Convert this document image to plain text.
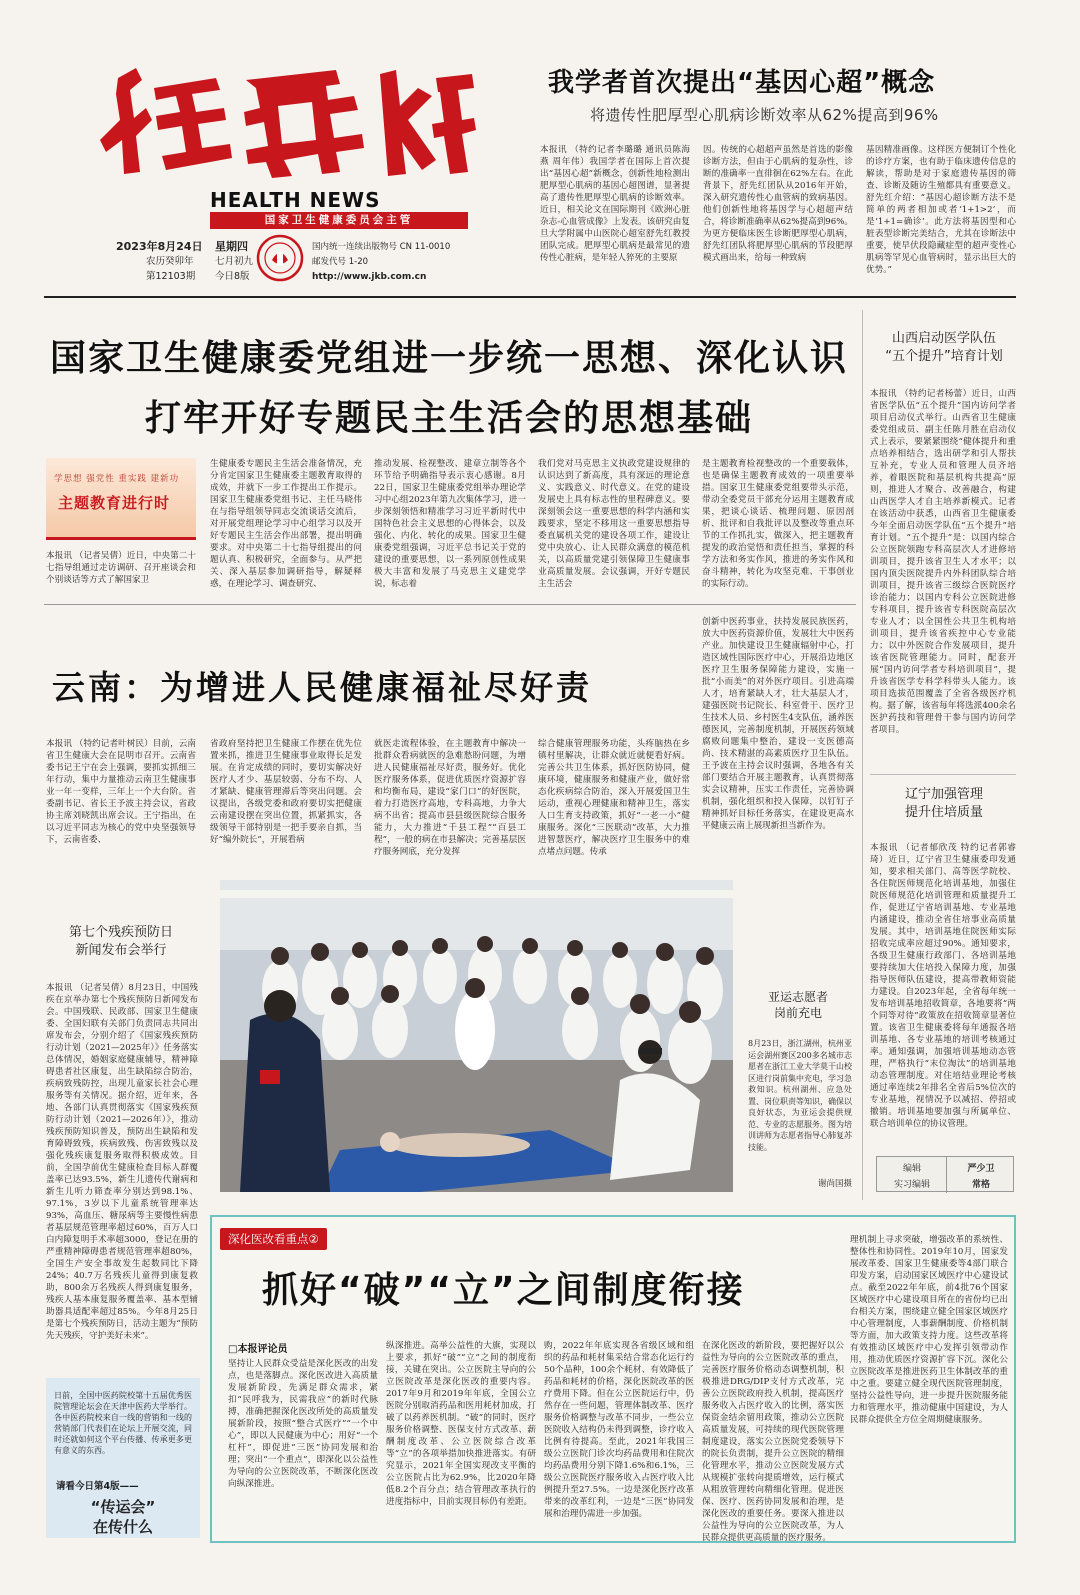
HEALTH NEWS
国家卫生健康委员会主管
2023年8月24日 星期四
农历癸卯年 七月初九
第12103期 今日8版
国内统一连续出版物号 CN 11-0010
邮发代号 1-20
http://www.jkb.com.cn
我学者首次提出“基因心超”概念
将遗传性肥厚型心肌病诊断效率从62%提高到96%
本报讯 （特约记者李璐璐 通讯员陈海燕 周年伟）我国学者在国际上首次提出“基因心超”新概念，创新性地检测出肥厚型心肌病的基因心超图谱，显著提高了遗传性肥厚型心肌病的诊断效率。近日，相关论文在国际期刊《欧洲心脏杂志-心血管成像》上发表。该研究由复旦大学附属中山医院心超室舒先红教授团队完成。肥厚型心肌病是最常见的遗传性心脏病，是年轻人猝死的主要原
因。传统的心超超声虽然是首选的影像诊断方法，但由于心肌病的复杂性，诊断的准确率一直徘徊在62%左右。在此背景下，舒先红团队从2016年开始，深入研究遗传性心血管病的致病基因。他们创新性地将基因学与心超超声结合，将诊断准确率从62%提高到96%。为更方便临床医生诊断肥厚型心肌病，舒先红团队将肥厚型心肌病的节段肥厚模式画出来，给每一种致病
基因精准画像。这样医方便制订个性化的诊疗方案，也有助于临床遗传信息的解读，帮助是对于家庭遗传基因的筛查、诊断及随访生殖都具有重要意义。舒先红介绍：“基因心超诊断方法不是简单的两者相加或者‘1+1>2’，而是‘1+1=确诊’。此方法将基因型和心脏表型诊断完美结合，尤其在诊断法中重要，使早伏段隐藏症型的超声变性心肌病等罕见心血管病时，显示出巨大的优势。”
国家卫生健康委党组进一步统一思想、深化认识
打牢开好专题民主生活会的思想基础
学思想 强党性 重实践 建新功
主题教育进行时
本报讯 （记者吴倩）近日，中央第二十七指导组通过走访调研、召开座谈会和个别谈话等方式了解国家卫
生健康委专题民主生活会准备情况，充分肯定国家卫生健康委主题教育取得的成效，并就下一步工作提出工作提示。国家卫生健康委党组书记、主任马晓伟在与指导组领导同志交流谈话交流后，对开展党组理论学习中心组学习以及开好专题民主生活会作出部署，提出明确要求。对中央第二十七指导组提出的问题认真、积极研究，全面参与。从严把关、深入基层参加调研指导，解疑释惑，在理论学习、调查研究、
推动发展、检视整改、建章立制等各个环节给予明确指导表示衷心感谢。8月22日，国家卫生健康委党组举办理论学习中心组2023年第九次集体学习，进一步深刻领悟和精准学习习近平新时代中国特色社会主义思想的心得体会，以及强化、内化、转化的成果。国家卫生健康委党组强调，习近平总书记关于党的建设的重要思想，以一系列原创性成果极大丰富和发展了马克思主义建党学说，标志着
我们党对马克思主义执政党建设规律的认识达到了新高度，具有深远的理论意义、实践意义、时代意义。在党的建设发展史上具有标志性的里程碑意义。要深刻领会这一重要思想的科学内涵和实践要求，坚定不移用这一重要思想指导委直属机关党的建设各项工作，建设让党中央放心、让人民群众满意的模范机关，以高质量党建引领保障卫生健康事业高质量发展。会议强调，开好专题民主生活会
是主题教育检视整改的一个重要载体，也是确保主题教育成效的一项重要举措。国家卫生健康委党组要带头示范，带动全委党员干部充分运用主题教育成果，把谈心谈话、梳理问题、原因剖析、批评和自我批评以及整改等重点环节的工作抓扎实，做深入，把主题教育提发的政治觉悟和责任担当，掌握的科学方法和务实作风，推进的务实作风和奋斗精神，转化为攻坚克难、干事创业的实际行动。
山西启动医学队伍
“五个提升”培育计划
本报讯 （特约记者杨蕾）近日，山西省医学队伍“五个提升”国内访问学者项目启动仪式举行。山西省卫生健康委党组成员、副主任陈月胜在启动仪式上表示，要紧紧围绕“健体提升和重点培养相结合，选出研学和引人帮扶互补充，专业人员和管理人员齐培养，着眼医院和基层机构共提高”原则，推进人才聚合、改善融合，构建山西医学人才自主培养新模式。记者在该活动中获悉，山西省卫生健康委今年全面启动医学队伍“五个提升”培育计划。“五个提升”是：以国内综合公立医院领跑专科高层次人才进修培训项目，提升该省卫生人才水平；以国内顶尖医院提升内外科团队综合培训项目，提升该省三级综合医院医疗诊治能力；以国内专科公立医院进修专科项目，提升该省专科医院高层次专业人才；以全国性公共卫生机构培训项目，提升该省疾控中心专业能力；以中外医院合作发展项目，提升该省医院管理能力。同时，配套开展“国内访问学者专科培训项目”，提升该省医学专科学科带头人能力。该项目选拔范围覆盖了全省各级医疗机构。据了解，该省每年将选派400余名医护药技和管理骨干参与国内访问学者项目。
辽宁加强管理
提升住培质量
本报讯 （记者郁欣茂 特约记者郭睿琦）近日，辽宁省卫生健康委印发通知，要求相关部门、高等医学院校、各住院医师规范化培训基地，加强住院医师规范化培训管理和质量提升工作，促进辽宁省培训基地、专业基地内涵建设，推动全省住培事业高质量发展。其中，培训基地住院医师实际招收完成率应超过90%。通知要求，各级卫生健康行政部门、各培训基地要持续加大住培投入保障力度，加强指导医师队伍建设，提高带教师资能力建设。自2023年起，全省每年统一发布培训基地招收简章，各地要将“两个同等对待”政策放在招收简章显著位置。该省卫生健康委将每年通报各培训基地、各专业基地的培训考核通过率。通知强调，加强培训基地动态管理，严格执行“末位淘汰”的培训基地动态管理制度。对住培结业理论考核通过率连续2年排名全省后5%位次的专业基地，视情况予以减招、停招或撤销。培训基地要加强与所属单位、联合培训单位的协议管理。
编辑
实习编辑
严少卫
常格
云南：为增进人民健康福祉尽好责
创新中医药事业，扶持发展民族医药，放大中医药资源价值，发展壮大中医药产业。加快建设卫生健康辐射中心，打造区域性国际医疗中心，开展沿边地区医疗卫生服务保障能力建设，实施一批“小而美”的对外医疗项目。引进高端人才，培育紧缺人才，壮大基层人才，建强医院书记院长、科室骨干、医疗卫生技术人员、乡村医生4支队伍，涵养医德医风，完善制度机制，开展医药领域腐败问题集中整治，建设一支医德高尚、技术精湛的高素质医疗卫生队伍。王予波在主持会议时强调，各地各有关部门要结合开展主题教育，认真贯彻落实会议精神，压实工作责任，完善协调机制，强化组织和投入保障，以钉钉子精神抓好目标任务落实，在建设更高水平健康云南上展现新担当新作为。
本报讯 （特约记者叶树民）目前，云南省卫生健康大会在昆明市召开。云南省委书记王宁在会上强调，要抓实抓细三年行动，集中力量推动云南卫生健康事业一年一变样，三年上一个大台阶。省委副书记、省长王予波主持会议，省政协主席刘晓凯出席会议。王宁指出，在以习近平同志为核心的党中央坚强领导下，云南省委、
省政府坚持把卫生健康工作摆在优先位置来抓，推进卫生健康事业取得长足发展。在肯定成绩的同时，要切实解决好医疗人才少、基层较弱、分布不均、人才紧缺、健康管理滞后等突出问题。会议提出，各级党委和政府要切实把健康云南建设摆在突出位置，抓紧抓实，各级领导干部特别是一把手要亲自抓，当好“编外院长”，开展看病
就医走流程体验，在主题教育中解决一批群众看病就医的急难愁盼问题，为增进人民健康福祉尽好责，服务好。优化医疗服务体系，促进优质医疗资源扩容和均衡布局，建设“家门口”的好医院，着力打造医疗高地，专科高地，力争大病不出省；提高市县县级医院综合服务能力，大力推进“千县工程”“百县工程”，一般的病在市县解决；完善基层医疗服务网底，充分发挥
综合健康管理服务功能，头疼脑热在乡镇村里解决，让群众就近就便看好病。完善公共卫生体系，抓好医防协同，健康环境，健康服务和健康产业，做好常态化疾病综合防治，深入开展爱国卫生运动，重视心理健康和精神卫生，落实人口生育支持政策，抓好“一老一小”健康服务。深化“三医联动”改革，大力推进智慧医疗，解决医疗卫生服务中的难点堵点问题。传承
第七个残疾预防日
新闻发布会举行
本报讯 （记者吴倩）8月23日，中国残疾在京举办第七个残疾预防日新闻发布会。中国残联、民政部、国家卫生健康委、全国妇联有关部门负责同志共同出席发布会，分别介绍了《国家残疾预防行动计划（2021—2025年）》任务落实总体情况，婚姻家庭健康辅导，精神障碍患者社区康复，出生缺陷综合防治，疾病致残防控，出现儿童家长社会心理服务等有关情况。据介绍，近年来，各地、各部门认真贯彻落实《国家残疾预防行动计划（2021—2026年）》，推动残疾预防知识普及，预防出生缺陷和发育障碍致残，疾病致残、伤害致残以及强化残疾康复服务取得积极成效。目前，全国孕前优生健康检查目标人群覆盖率已达93.5%，新生儿遗传代谢病和新生儿听力筛查率分别达到98.1%、97.1%，3岁以下儿童系统管理率达93%，高血压、糖尿病等主要慢性病患者基层规范管理率超过60%，百万人口白内障复明手术率超3000，登记在册的严重精神障碍患者规范管理率超80%，全国生产安全事故发生起数同比下降24%；40.7万名残疾儿童得到康复救助，800余万名残疾人得到康复服务，残疾人基本康复服务覆盖率、基本型辅助器具适配率超过85%。今年8月25日是第七个残疾预防日，活动主题为“预防先天残疾，守护美好未来”。
亚运志愿者
岗前充电
8月23日，浙江湖州，杭州亚运会湖州赛区200多名城市志愿者在浙江工业大学莫干山校区进行岗前集中充电，学习急救知识。杭州湖州、应急处置、岗位职责等知识，确保以良好状态，为亚运会提供规范、专业的志愿服务。图为培训讲师为志愿者指导心肺复苏技能。
谢尚国摄
深化医改看重点②
抓好“破”“立”之间制度衔接
理机制上寻求突破，增强改革的系统性、整体性和协同性。2019年10月，国家发展改革委、国家卫生健康委等4部门联合印发方案，启动国家区域医疗中心建设试点。截至2022年年底，前4批76个国家区域医疗中心建设项目所在的省份均已出台相关方案，围绕建立健全国家区域医疗中心管理制度，人事薪酬制度、价格机制等方面，加大政策支持力度。这些改革将有效推动区域医疗中心发挥引领带动作用，推动优质医疗资源扩容下沉。深化公立医院改革是推进医药卫生体制改革的重中之重。要建立健全现代医院管理制度，坚持公益性导向，进一步提升医院服务能力和管理水平，推动健康中国建设，为人民群众提供全方位全周期健康服务。
□本报评论员
坚持让人民群众受益是深化医改的出发点，也是落脚点。深化医改进入高质量发展新阶段，先满足群众需求，紧扣“民呼我为，民需我应”的新时代脉搏，准确把握深化医改所处的高质量发展新阶段，按照“整合式医疗”“一个中心”，即以人民健康为中心；用好“一个杠杆”，即促进“三医”协同发展和治理；突出“一个重点”，即深化以公益性为导向的公立医院改革，不断深化医改向纵深推进。
纵深推进。高举公益性的大旗，实现以上要求，抓好“破”“立”之间的制度衔接，关键在突出。公立医院主导向的公立医院改革是深化医改的重要内容。2017年9月和2019年年底，全国公立医院分别取消药品和医用耗材加成，打破了以药养医机制。“破”的同时，医疗服务价格调整、医保支付方式改革、薪酬制度改革、公立医院综合改革等“立”的各项举措加快推进落实。有研究显示，2021年全国实现改支平衡的公立医院占比为62.9%，比2020年降低8.2个百分点；结合管理改革执行的进度指标中，目前实现目标仍有差距。
购，2022年年底实现各省级区域和组织的药品和耗材集采结合常态化运行约50个品种，100余个耗材、有效降低了药品和耗材的价格，深化医院改革的医疗费用下降。但在公立医院运行中，仍然存在一些问题，管理体制改革、医疗服务价格调整与改革不同步，一些公立医院收入结构仍未得到调整，诊疗收入比例有待提高。至此，2021年我国三级公立医院门诊次均药品费用和住院次均药品费用分别下降1.6%和6.1%，三级公立医院医疗服务收入占医疗收入比例提升至27.5%。一边是深化医疗改革带来的改革红利，一边是“三医”协同发展和治理仍需进一步加强。
在深化医改的新阶段，要把握好以公益性为导向的公立医院改革的重点，完善医疗服务价格动态调整机制，积极推进DRG/DIP支付方式改革，完善公立医院政府投入机制，提高医疗服务收入占医疗收入的比例，落实医保资金结余留用政策，推动公立医院高质量发展，可持续的现代医院管理制度建设，落实公立医院党委领导下的院长负责制，提升公立医院的精细化管理水平，推动公立医院发展方式从规模扩张转向提质增效，运行模式从粗放管理转向精细化管理。促进医保、医疗、医药协同发展和治理，是深化医改的重要任务。要深入推进以公益性为导向的公立医院改革，为人民群众提供更高质量的医疗服务。
日前，全国中医药院校第十五届优秀医院管理论坛会在天津中医药大学举行。各中医药院校来自一线的营销和一线的营销部门代表们在论坛上开展交流，同时还就如何这个平台传播、传承更多更有意义的东西。
请看今日第4版——
“传运会”
在传什么
